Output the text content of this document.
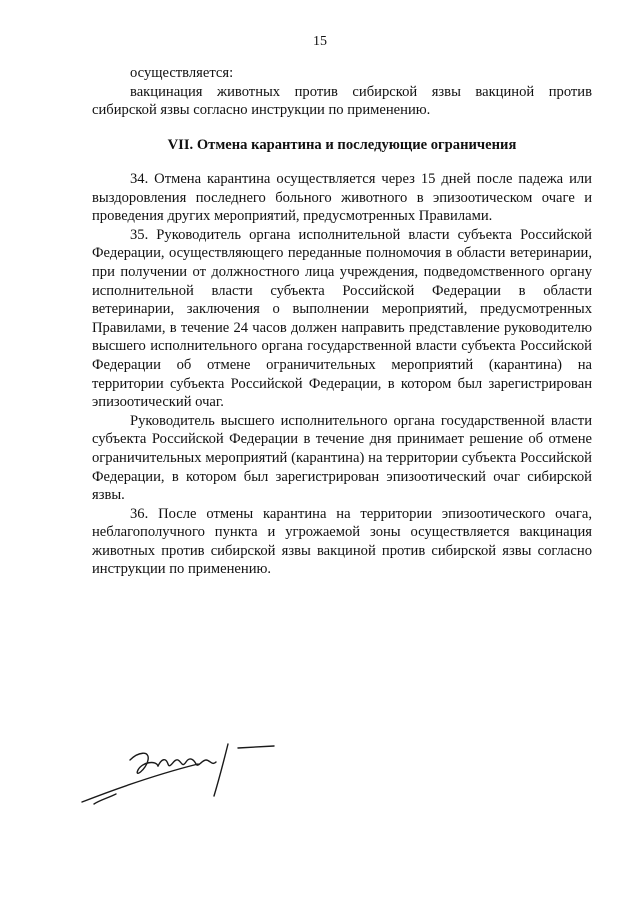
15
осуществляется:
вакцинация животных против сибирской язвы вакциной против сибирской язвы согласно инструкции по применению.
VII. Отмена карантина и последующие ограничения

34. Отмена карантина осуществляется через 15 дней после падежа или выздоровления последнего больного животного в эпизоотическом очаге и проведения других мероприятий, предусмотренных Правилами.

35. Руководитель органа исполнительной власти субъекта Российской Федерации, осуществляющего переданные полномочия в области ветеринарии, при получении от должностного лица учреждения, подведомственного органу исполнительной власти субъекта Российской Федерации в области ветеринарии, заключения о выполнении мероприятий, предусмотренных Правилами, в течение 24 часов должен направить представление руководителю высшего исполнительного органа государственной власти субъекта Российской Федерации об отмене ограничительных мероприятий (карантина) на территории субъекта Российской Федерации, в котором был зарегистрирован эпизоотический очаг.

Руководитель высшего исполнительного органа государственной власти субъекта Российской Федерации в течение дня принимает решение об отмене ограничительных мероприятий (карантина) на территории субъекта Российской Федерации, в котором был зарегистрирован эпизоотический очаг сибирской язвы.

36. После отмены карантина на территории эпизоотического очага, неблагополучного пункта и угрожаемой зоны осуществляется вакцинация животных против сибирской язвы вакциной против сибирской язвы согласно инструкции по применению.
